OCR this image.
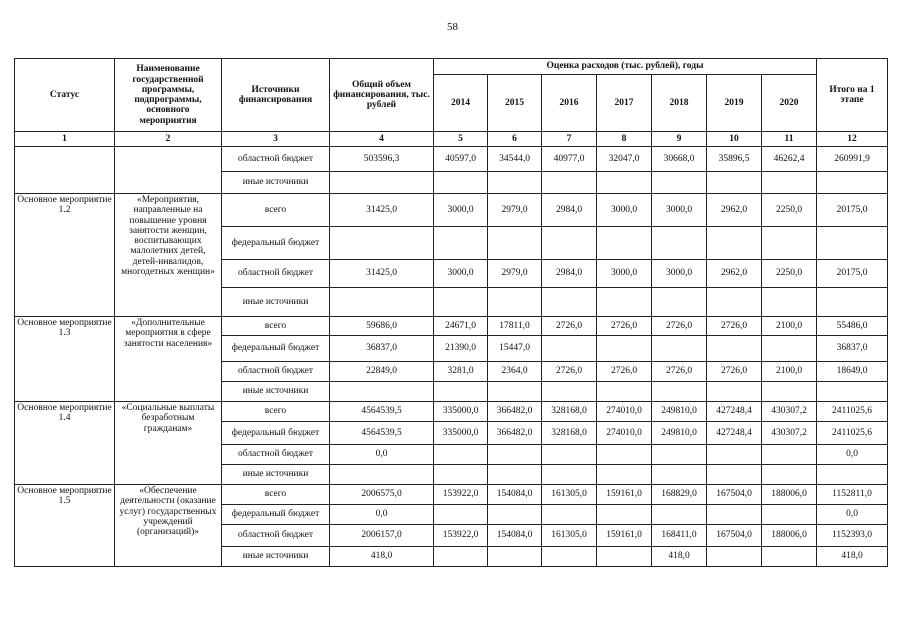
58
Статус	Наименование государственной программы, подпрограммы, основного мероприятия	Источники финансирования	Общий объем финансирования, тыс. рублей	Оценка расходов (тыс. рублей), годы							Итого на 1 этапе
				2014	2015	2016	2017	2018	2019	2020	
1	2	3	4	5	6	7	8	9	10	11	12
		областной бюджет	503596,3	40597,0	34544,0	40977,0	32047,0	30668,0	35896,5	46262,4	260991,9
		иные источники									
Основное мероприятие 1.2	«Мероприятия, направленные на повышение уровня занятости женщин, воспитывающих малолетних детей, детей-инвалидов, многодетных женщин»	всего	31425,0	3000,0	2979,0	2984,0	3000,0	3000,0	2962,0	2250,0	20175,0
		федеральный бюджет									
		областной бюджет	31425,0	3000,0	2979,0	2984,0	3000,0	3000,0	2962,0	2250,0	20175,0
		иные источники									
Основное мероприятие 1.3	«Дополнительные мероприятия в сфере занятости населения»	всего	59686,0	24671,0	17811,0	2726,0	2726,0	2726,0	2726,0	2100,0	55486,0
		федеральный бюджет	36837,0	21390,0	15447,0						36837,0
		областной бюджет	22849,0	3281,0	2364,0	2726,0	2726,0	2726,0	2726,0	2100,0	18649,0
		иные источники									
Основное мероприятие 1.4	«Социальные выплаты безработным гражданам»	всего	4564539,5	335000,0	366482,0	328168,0	274010,0	249810,0	427248,4	430307,2	2411025,6
		федеральный бюджет	4564539,5	335000,0	366482,0	328168,0	274010,0	249810,0	427248,4	430307,2	2411025,6
		областной бюджет	0,0								0,0
		иные источники									
Основное мероприятие 1.5	«Обеспечение деятельности (оказание услуг) государственных учреждений (организаций)»	всего	2006575,0	153922,0	154084,0	161305,0	159161,0	168829,0	167504,0	188006,0	1152811,0
		федеральный бюджет	0,0								0,0
		областной бюджет	2006157,0	153922,0	154084,0	161305,0	159161,0	168411,0	167504,0	188006,0	1152393,0
		иные источники	418,0					418,0			418,0
